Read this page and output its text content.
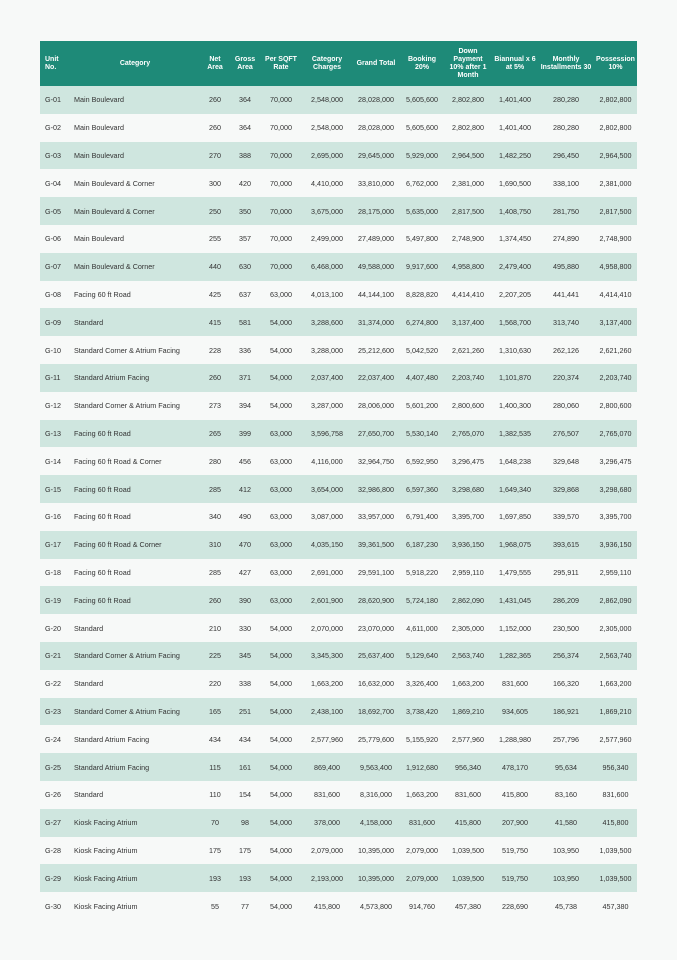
Unit No.	Category	Net Area	Gross Area	Per SQFT Rate	Category Charges	Grand Total	Booking 20%	Down Payment 10% after 1 Month	Biannual x 6 at 5%	Monthly Installments 30	Possession 10%
G-01	Main Boulevard	260	364	70,000	2,548,000	28,028,000	5,605,600	2,802,800	1,401,400	280,280	2,802,800
G-02	Main Boulevard	260	364	70,000	2,548,000	28,028,000	5,605,600	2,802,800	1,401,400	280,280	2,802,800
G-03	Main Boulevard	270	388	70,000	2,695,000	29,645,000	5,929,000	2,964,500	1,482,250	296,450	2,964,500
G-04	Main Boulevard & Corner	300	420	70,000	4,410,000	33,810,000	6,762,000	2,381,000	1,690,500	338,100	2,381,000
G-05	Main Boulevard & Corner	250	350	70,000	3,675,000	28,175,000	5,635,000	2,817,500	1,408,750	281,750	2,817,500
G-06	Main Boulevard	255	357	70,000	2,499,000	27,489,000	5,497,800	2,748,900	1,374,450	274,890	2,748,900
G-07	Main Boulevard & Corner	440	630	70,000	6,468,000	49,588,000	9,917,600	4,958,800	2,479,400	495,880	4,958,800
G-08	Facing 60 ft Road	425	637	63,000	4,013,100	44,144,100	8,828,820	4,414,410	2,207,205	441,441	4,414,410
G-09	Standard	415	581	54,000	3,288,600	31,374,000	6,274,800	3,137,400	1,568,700	313,740	3,137,400
G-10	Standard Corner & Atrium Facing	228	336	54,000	3,288,000	25,212,600	5,042,520	2,621,260	1,310,630	262,126	2,621,260
G-11	Standard Atrium Facing	260	371	54,000	2,037,400	22,037,400	4,407,480	2,203,740	1,101,870	220,374	2,203,740
G-12	Standard Corner & Atrium Facing	273	394	54,000	3,287,000	28,006,000	5,601,200	2,800,600	1,400,300	280,060	2,800,600
G-13	Facing 60 ft Road	265	399	63,000	3,596,758	27,650,700	5,530,140	2,765,070	1,382,535	276,507	2,765,070
G-14	Facing 60 ft Road & Corner	280	456	63,000	4,116,000	32,964,750	6,592,950	3,296,475	1,648,238	329,648	3,296,475
G-15	Facing 60 ft Road	285	412	63,000	3,654,000	32,986,800	6,597,360	3,298,680	1,649,340	329,868	3,298,680
G-16	Facing 60 ft Road	340	490	63,000	3,087,000	33,957,000	6,791,400	3,395,700	1,697,850	339,570	3,395,700
G-17	Facing 60 ft Road & Corner	310	470	63,000	4,035,150	39,361,500	6,187,230	3,936,150	1,968,075	393,615	3,936,150
G-18	Facing 60 ft Road	285	427	63,000	2,691,000	29,591,100	5,918,220	2,959,110	1,479,555	295,911	2,959,110
G-19	Facing 60 ft Road	260	390	63,000	2,601,900	28,620,900	5,724,180	2,862,090	1,431,045	286,209	2,862,090
G-20	Standard	210	330	54,000	2,070,000	23,070,000	4,611,000	2,305,000	1,152,000	230,500	2,305,000
G-21	Standard Corner & Atrium Facing	225	345	54,000	3,345,300	25,637,400	5,129,640	2,563,740	1,282,365	256,374	2,563,740
G-22	Standard	220	338	54,000	1,663,200	16,632,000	3,326,400	1,663,200	831,600	166,320	1,663,200
G-23	Standard Corner & Atrium Facing	165	251	54,000	2,438,100	18,692,700	3,738,420	1,869,210	934,605	186,921	1,869,210
G-24	Standard Atrium Facing	434	434	54,000	2,577,960	25,779,600	5,155,920	2,577,960	1,288,980	257,796	2,577,960
G-25	Standard Atrium Facing	115	161	54,000	869,400	9,563,400	1,912,680	956,340	478,170	95,634	956,340
G-26	Standard	110	154	54,000	831,600	8,316,000	1,663,200	831,600	415,800	83,160	831,600
G-27	Kiosk Facing Atrium	70	98	54,000	378,000	4,158,000	831,600	415,800	207,900	41,580	415,800
G-28	Kiosk Facing Atrium	175	175	54,000	2,079,000	10,395,000	2,079,000	1,039,500	519,750	103,950	1,039,500
G-29	Kiosk Facing Atrium	193	193	54,000	2,193,000	10,395,000	2,079,000	1,039,500	519,750	103,950	1,039,500
G-30	Kiosk Facing Atrium	55	77	54,000	415,800	4,573,800	914,760	457,380	228,690	45,738	457,380
